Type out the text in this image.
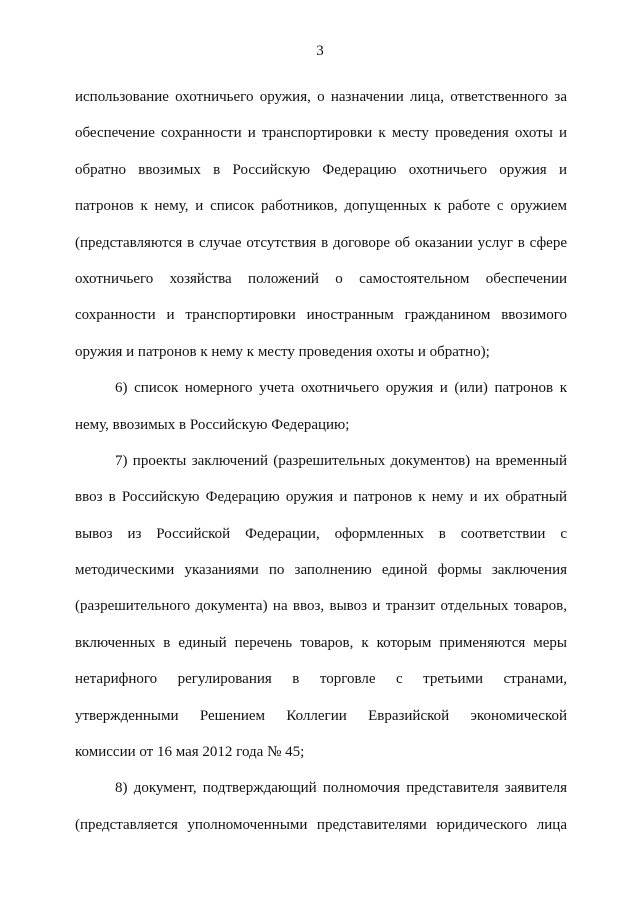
3
использование охотничьего оружия, о назначении лица, ответственного за
обеспечение сохранности и транспортировки к месту проведения охоты и
обратно ввозимых в Российскую Федерацию охотничьего оружия и
патронов к нему, и список работников, допущенных к работе с оружием
(представляются в случае отсутствия в договоре об оказании услуг в сфере
охотничьего хозяйства положений о самостоятельном обеспечении
сохранности и транспортировки иностранным гражданином ввозимого
оружия и патронов к нему к месту проведения охоты и обратно);
6) список номерного учета охотничьего оружия и (или) патронов к
нему, ввозимых в Российскую Федерацию;
7) проекты заключений (разрешительных документов) на временный
ввоз в Российскую Федерацию оружия и патронов к нему и их обратный
вывоз из Российской Федерации, оформленных в соответствии с
методическими указаниями по заполнению единой формы заключения
(разрешительного документа) на ввоз, вывоз и транзит отдельных товаров,
включенных в единый перечень товаров, к которым применяются меры
нетарифного регулирования в торговле с третьими странами,
утвержденными Решением Коллегии Евразийской экономической
комиссии от 16 мая 2012 года № 45;
8) документ, подтверждающий полномочия представителя заявителя
(представляется уполномоченными представителями юридического лица
